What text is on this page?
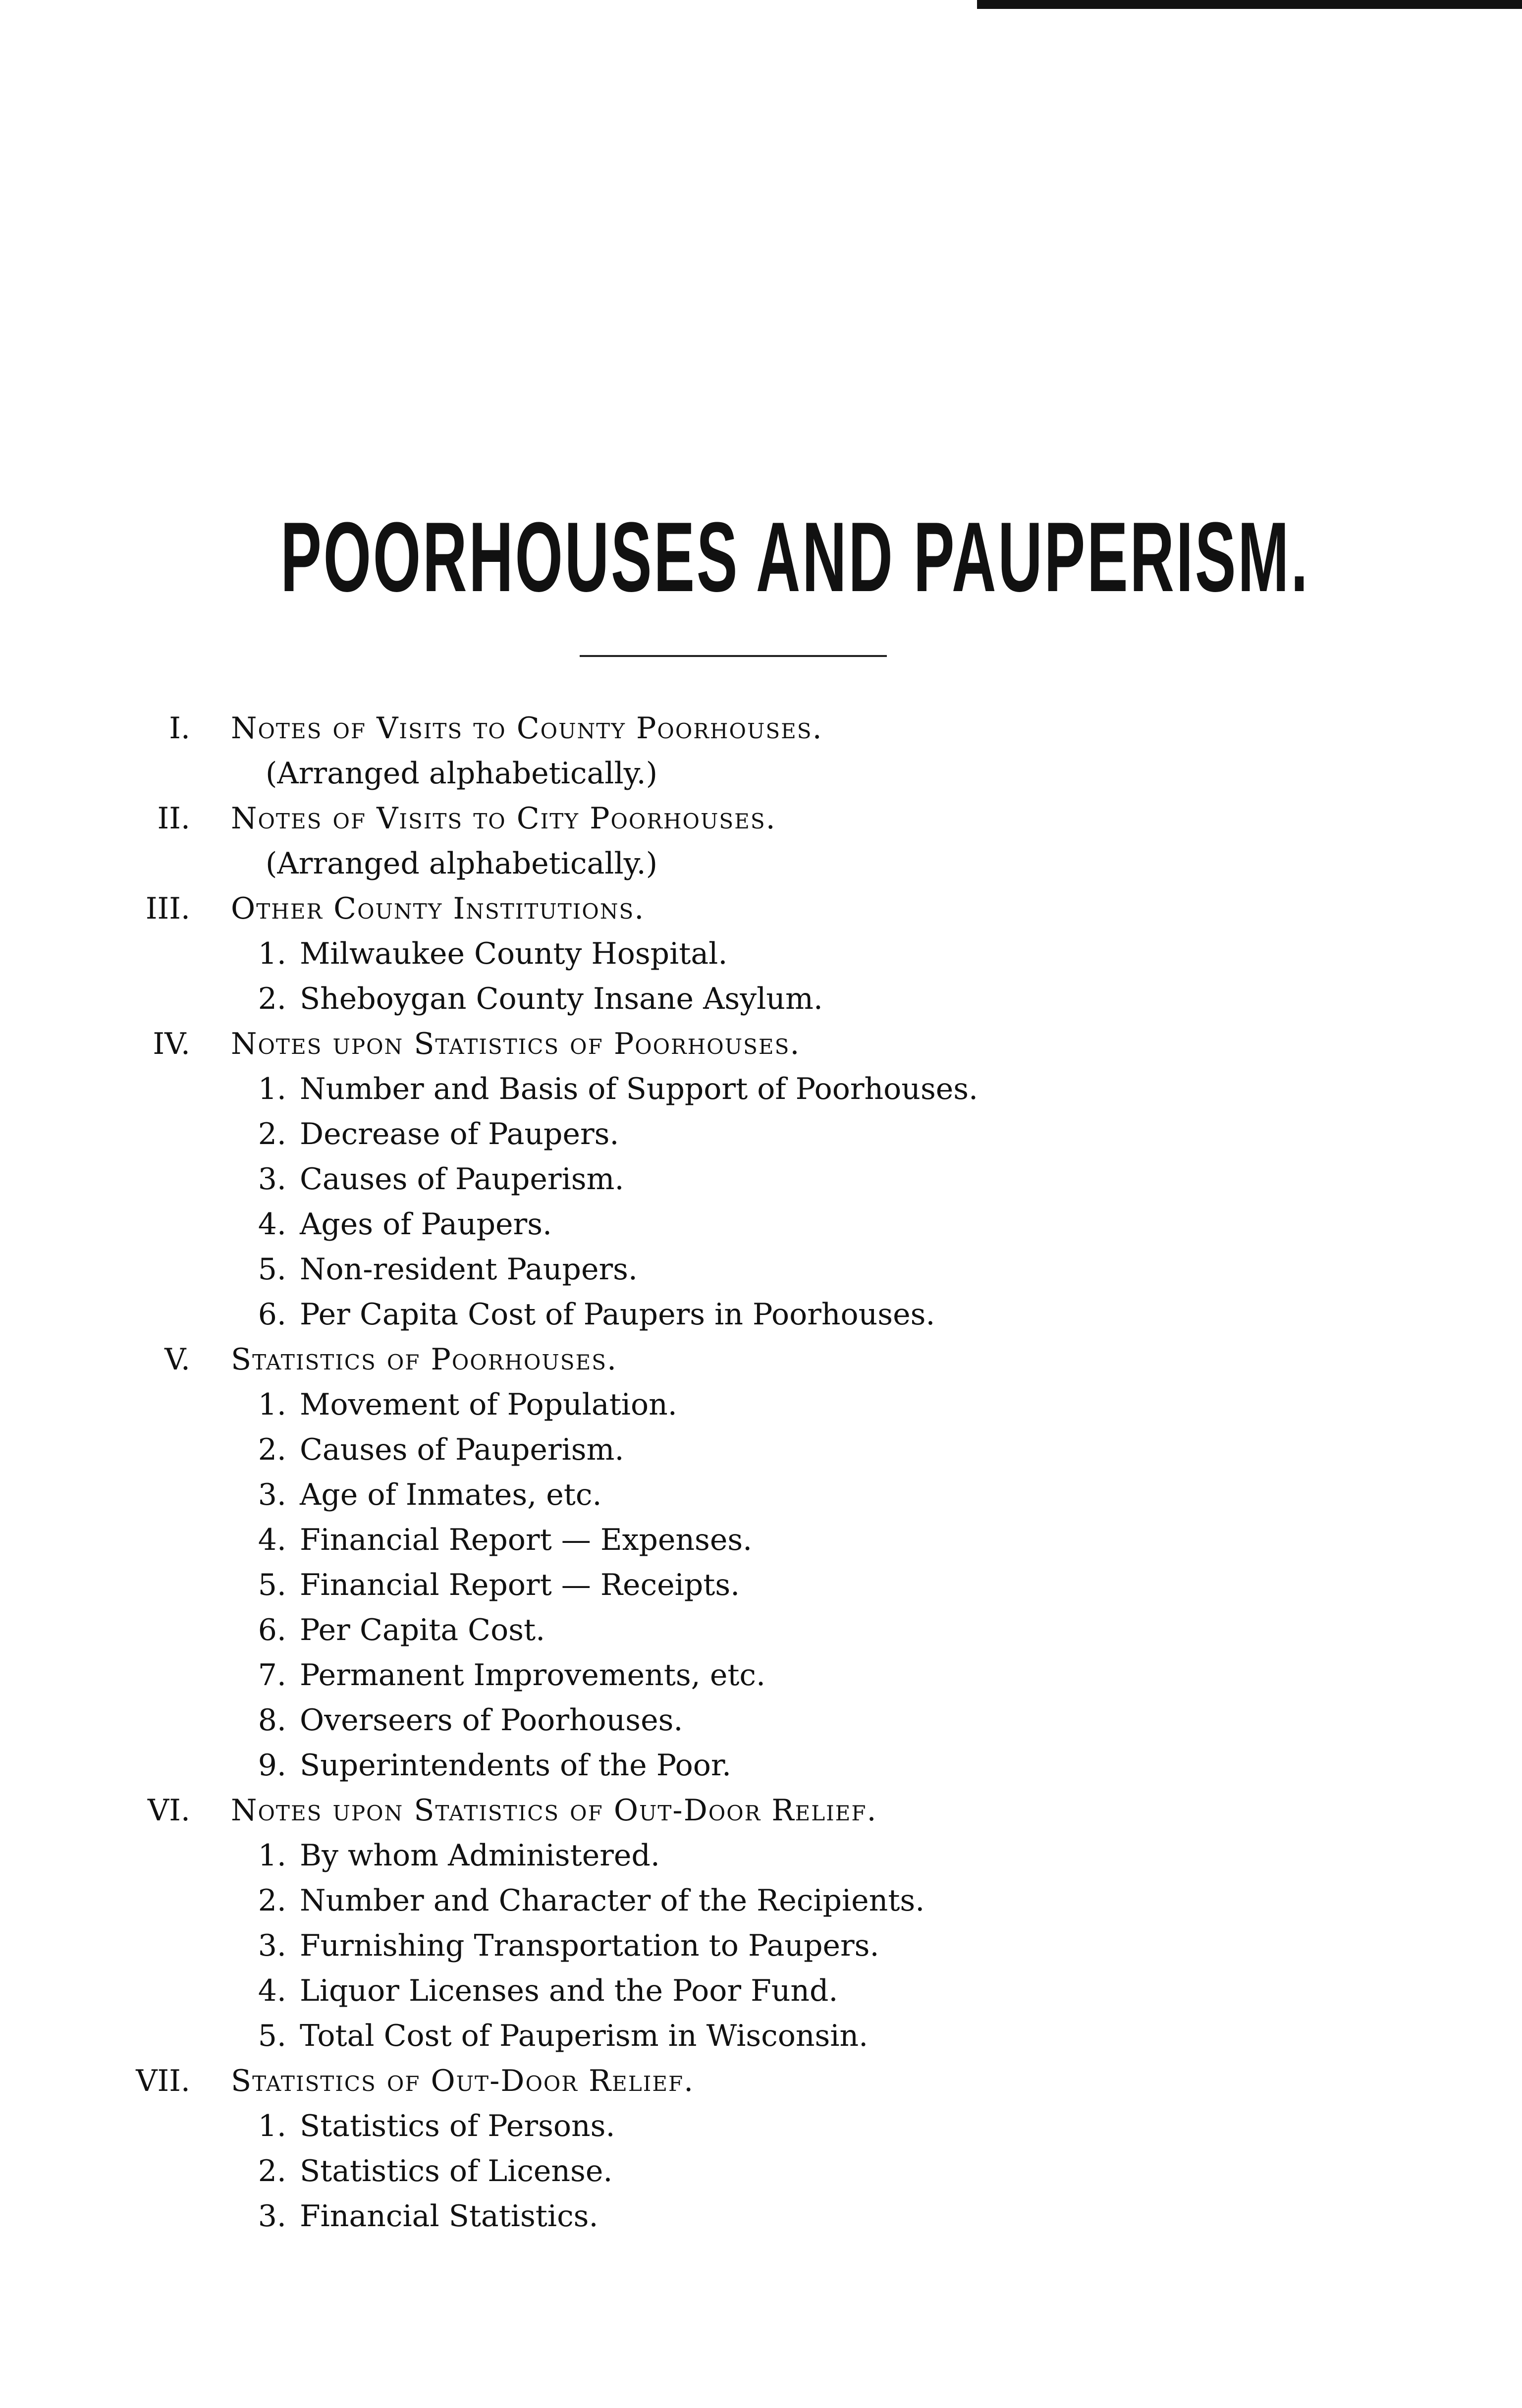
POORHOUSES AND PAUPERISM.
I. Notes of Visits to County Poorhouses.
(Arranged alphabetically.)
II. Notes of Visits to City Poorhouses.
(Arranged alphabetically.)
III. Other County Institutions.
1. Milwaukee County Hospital.
2. Sheboygan County Insane Asylum.
IV. Notes upon Statistics of Poorhouses.
1. Number and Basis of Support of Poorhouses.
2. Decrease of Paupers.
3. Causes of Pauperism.
4. Ages of Paupers.
5. Non-resident Paupers.
6. Per Capita Cost of Paupers in Poorhouses.
V. Statistics of Poorhouses.
1. Movement of Population.
2. Causes of Pauperism.
3. Age of Inmates, etc.
4. Financial Report — Expenses.
5. Financial Report — Receipts.
6. Per Capita Cost.
7. Permanent Improvements, etc.
8. Overseers of Poorhouses.
9. Superintendents of the Poor.
VI. Notes upon Statistics of Out-Door Relief.
1. By whom Administered.
2. Number and Character of the Recipients.
3. Furnishing Transportation to Paupers.
4. Liquor Licenses and the Poor Fund.
5. Total Cost of Pauperism in Wisconsin.
VII. Statistics of Out-Door Relief.
1. Statistics of Persons.
2. Statistics of License.
3. Financial Statistics.
